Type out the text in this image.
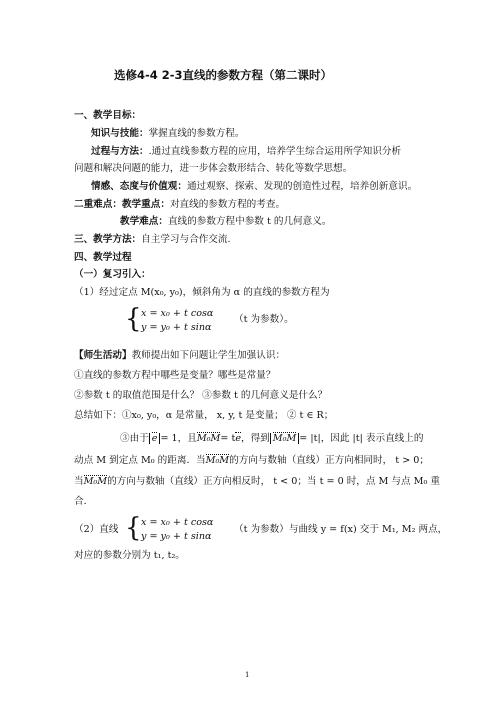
选修4-4 2-3直线的参数方程（第二课时）
一、教学目标：
知识与技能：掌握直线的参数方程。
过程与方法：.通过直线参数方程的应用，培养学生综合运用所学知识分析
问题和解决问题的能力，进一步体会数形结合、转化等数学思想。
情感、态度与价值观：通过观察、探索、发现的创造性过程，培养创新意识。
二重难点：教学重点：对直线的参数方程的考查。
教学难点：直线的参数方程中参数 t 的几何意义。
三、教学方法：自主学习与合作交流.
四、教学过程
（一）复习引入：
（1）经过定点 M(x₀, y₀)，倾斜角为 α 的直线的参数方程为
{ x = x₀ + t cosα
y = y₀ + t sinα
（t 为参数）。
【师生活动】教师提出如下问题让学生加强认识：
①直线的参数方程中哪些是变量？哪些是常量？
②参数 t 的取值范围是什么？ ③参数 t 的几何意义是什么？
总结如下：①x₀, y₀，α 是常量， x, y, t 是变量； ② t ∈ R；
③由于 e = 1，且M₀M= te，得到 M₀M = |t|，因此 |t| 表示直线上的
动点 M 到定点 M₀ 的距离．当M₀M的方向与数轴（直线）正方向相同时， t > 0；
当M₀M的方向与数轴（直线）正方向相反时， t < 0；当 t = 0 时，点 M 与点 M₀ 重
合．
（2）直线 { x = x₀ + t cosα
y = y₀ + t sinα
（t 为参数）与曲线 y = f(x) 交于 M₁, M₂ 两点，
对应的参数分别为 t₁, t₂。
1
